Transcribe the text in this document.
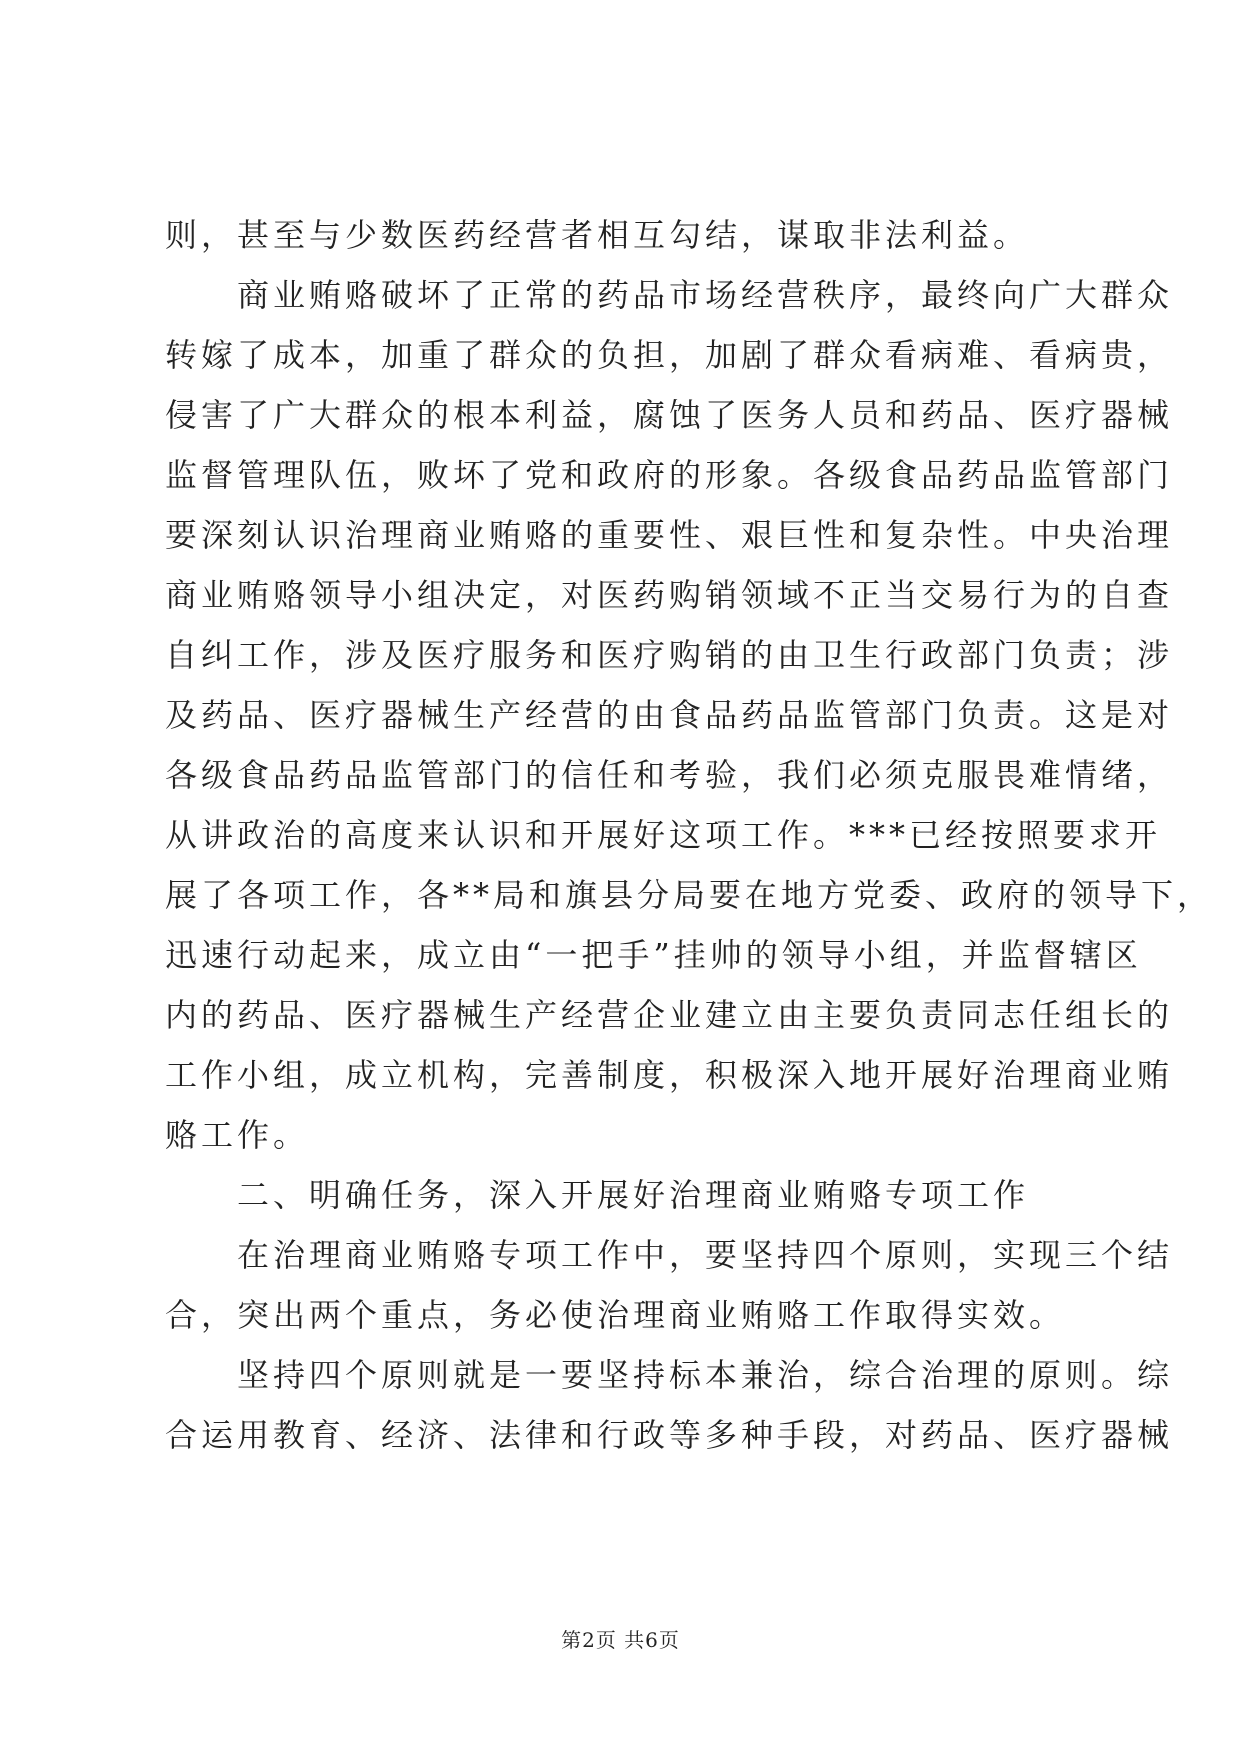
则，甚至与少数医药经营者相互勾结，谋取非法利益。
商业贿赂破坏了正常的药品市场经营秩序，最终向广大群众
转嫁了成本，加重了群众的负担，加剧了群众看病难、看病贵，
侵害了广大群众的根本利益，腐蚀了医务人员和药品、医疗器械
监督管理队伍，败坏了党和政府的形象。各级食品药品监管部门
要深刻认识治理商业贿赂的重要性、艰巨性和复杂性。中央治理
商业贿赂领导小组决定，对医药购销领域不正当交易行为的自查
自纠工作，涉及医疗服务和医疗购销的由卫生行政部门负责；涉
及药品、医疗器械生产经营的由食品药品监管部门负责。这是对
各级食品药品监管部门的信任和考验，我们必须克服畏难情绪，
从讲政治的高度来认识和开展好这项工作。***已经按照要求开
展了各项工作，各**局和旗县分局要在地方党委、政府的领导下，
迅速行动起来，成立由“一把手”挂帅的领导小组，并监督辖区
内的药品、医疗器械生产经营企业建立由主要负责同志任组长的
工作小组，成立机构，完善制度，积极深入地开展好治理商业贿
赂工作。
二、明确任务，深入开展好治理商业贿赂专项工作
在治理商业贿赂专项工作中，要坚持四个原则，实现三个结
合，突出两个重点，务必使治理商业贿赂工作取得实效。
坚持四个原则就是一要坚持标本兼治，综合治理的原则。综
合运用教育、经济、法律和行政等多种手段，对药品、医疗器械
第2页 共6页
